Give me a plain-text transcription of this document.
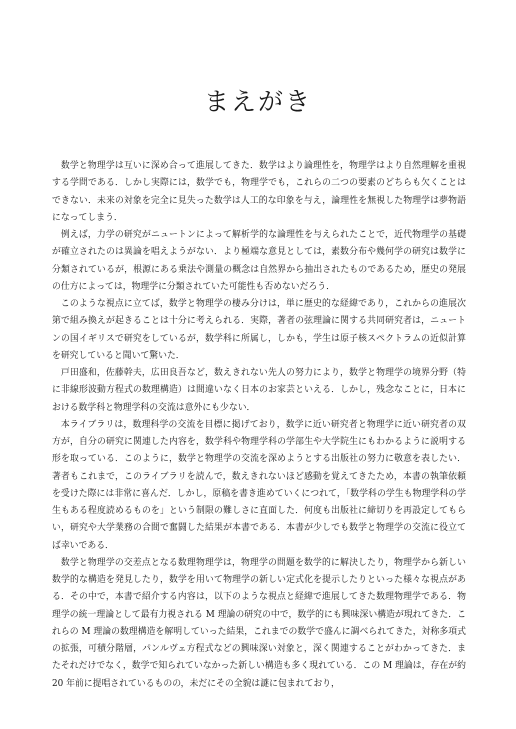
まえがき

数学と物理学は互いに深め合って進展してきた．数学はより論理性を，物理学はより自然理解を重視する学問である．しかし実際には，数学でも，物理学でも，これらの二つの要素のどちらも欠くことはできない．未来の対象を完全に見失った数学は人工的な印象を与え，論理性を無視した物理学は夢物語になってしまう．

例えば，力学の研究がニュートンによって解析学的な論理性を与えられたことで，近代物理学の基礎が確立されたのは異論を唱えようがない．より極端な意見としては，素数分布や幾何学の研究は数学に分類されているが，根源にある乗法や測量の概念は自然界から抽出されたものであるため，歴史の発展の仕方によっては，物理学に分類されていた可能性も否めないだろう．

このような視点に立てば，数学と物理学の棲み分けは，単に歴史的な経緯であり，これからの進展次第で組み換えが起きることは十分に考えられる．実際，著者の弦理論に関する共同研究者は，ニュートンの国イギリスで研究をしているが，数学科に所属し，しかも，学生は原子核スペクトラムの近似計算を研究していると聞いて驚いた．

戸田盛和，佐藤幹夫，広田良吾など，数えきれない先人の努力により，数学と物理学の境界分野（特に非線形波動方程式の数理構造）は間違いなく日本のお家芸といえる．しかし，残念なことに，日本における数学科と物理学科の交流は意外にも少ない．

本ライブラリは，数理科学の交流を目標に掲げており，数学に近い研究者と物理学に近い研究者の双方が，自分の研究に関連した内容を，数学科や物理学科の学部生や大学院生にもわかるように説明する形を取っている．このように，数学と物理学の交流を深めようとする出版社の努力に敬意を表したい．著者もこれまで，このライブラリを読んで，数えきれないほど感動を覚えてきたため，本書の執筆依頼を受けた際には非常に喜んだ．しかし，原稿を書き進めていくにつれて，「数学科の学生も物理学科の学生もある程度読めるものを」という制限の難しさに直面した．何度も出版社に締切りを再設定してもらい，研究や大学業務の合間で奮闘した結果が本書である．本書が少しでも数学と物理学の交流に役立てば幸いである．

数学と物理学の交差点となる数理物理学は，物理学の問題を数学的に解決したり，物理学から新しい数学的な構造を発見したり，数学を用いて物理学の新しい定式化を提示したりといった様々な視点がある．その中で，本書で紹介する内容は，以下のような視点と経緯で進展してきた数理物理学である．物理学の統一理論として最有力視される M 理論の研究の中で，数学的にも興味深い構造が現れてきた．これらの M 理論の数理構造を解明していった結果，これまでの数学で盛んに調べられてきた，対称多項式の拡張，可積分階層，パンルヴェ方程式などの興味深い対象と，深く関連することがわかってきた．またそれだけでなく，数学で知られていなかった新しい構造も多く現れている．この M 理論は，存在が約 20 年前に提唱されているものの，未だにその全貌は謎に包まれており，
